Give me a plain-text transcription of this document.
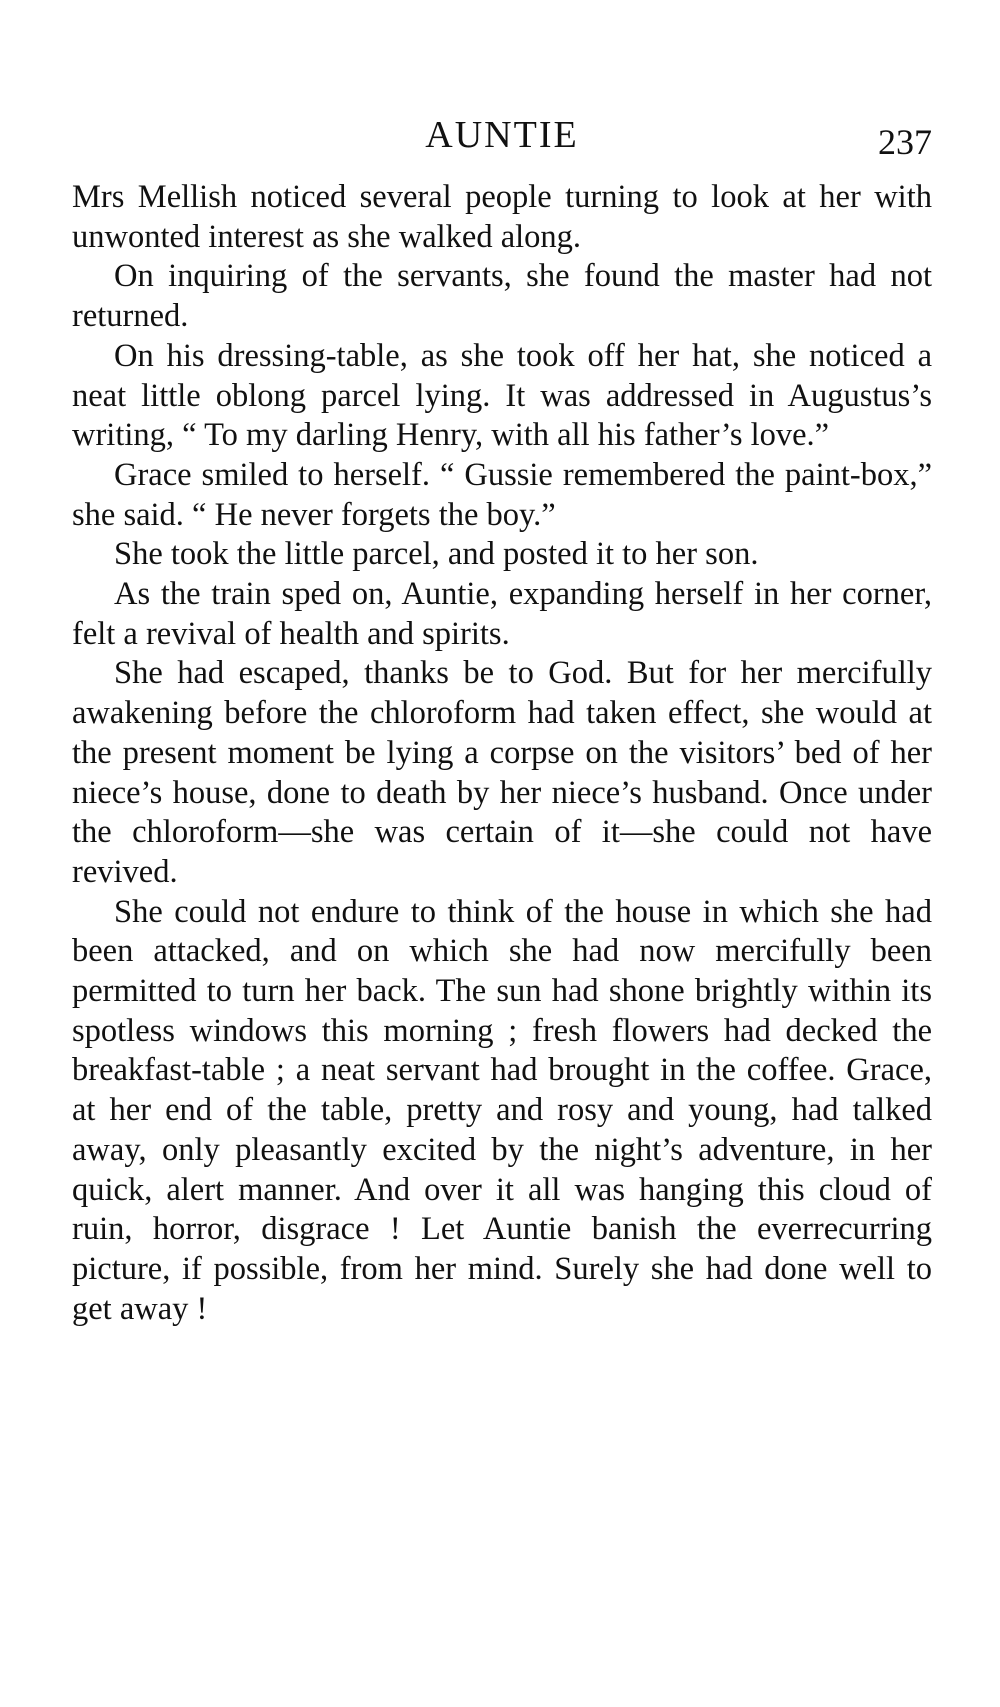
AUNTIE	237

Mrs Mellish noticed several people turning to look at her with unwonted interest as she walked along.

On inquiring of the servants, she found the master had not returned.

On his dressing-table, as she took off her hat, she noticed a neat little oblong parcel lying. It was addressed in Augustus’s writing, “ To my darling Henry, with all his father’s love.”

Grace smiled to herself. “ Gussie remembered the paint-box,” she said. “ He never forgets the boy.”

She took the little parcel, and posted it to her son.

As the train sped on, Auntie, expanding herself in her corner, felt a revival of health and spirits.

She had escaped, thanks be to God. But for her mercifully awakening before the chloroform had taken effect, she would at the present moment be lying a corpse on the visitors’ bed of her niece’s house, done to death by her niece’s husband. Once under the chloroform—she was certain of it—she could not have revived.

She could not endure to think of the house in which she had been attacked, and on which she had now mercifully been permitted to turn her back. The sun had shone brightly within its spotless windows this morning ; fresh flowers had decked the breakfast-table ; a neat servant had brought in the coffee. Grace, at her end of the table, pretty and rosy and young, had talked away, only pleasantly excited by the night’s adventure, in her quick, alert manner. And over it all was hanging this cloud of ruin, horror, disgrace ! Let Auntie banish the everrecurring picture, if possible, from her mind. Surely she had done well to get away !
